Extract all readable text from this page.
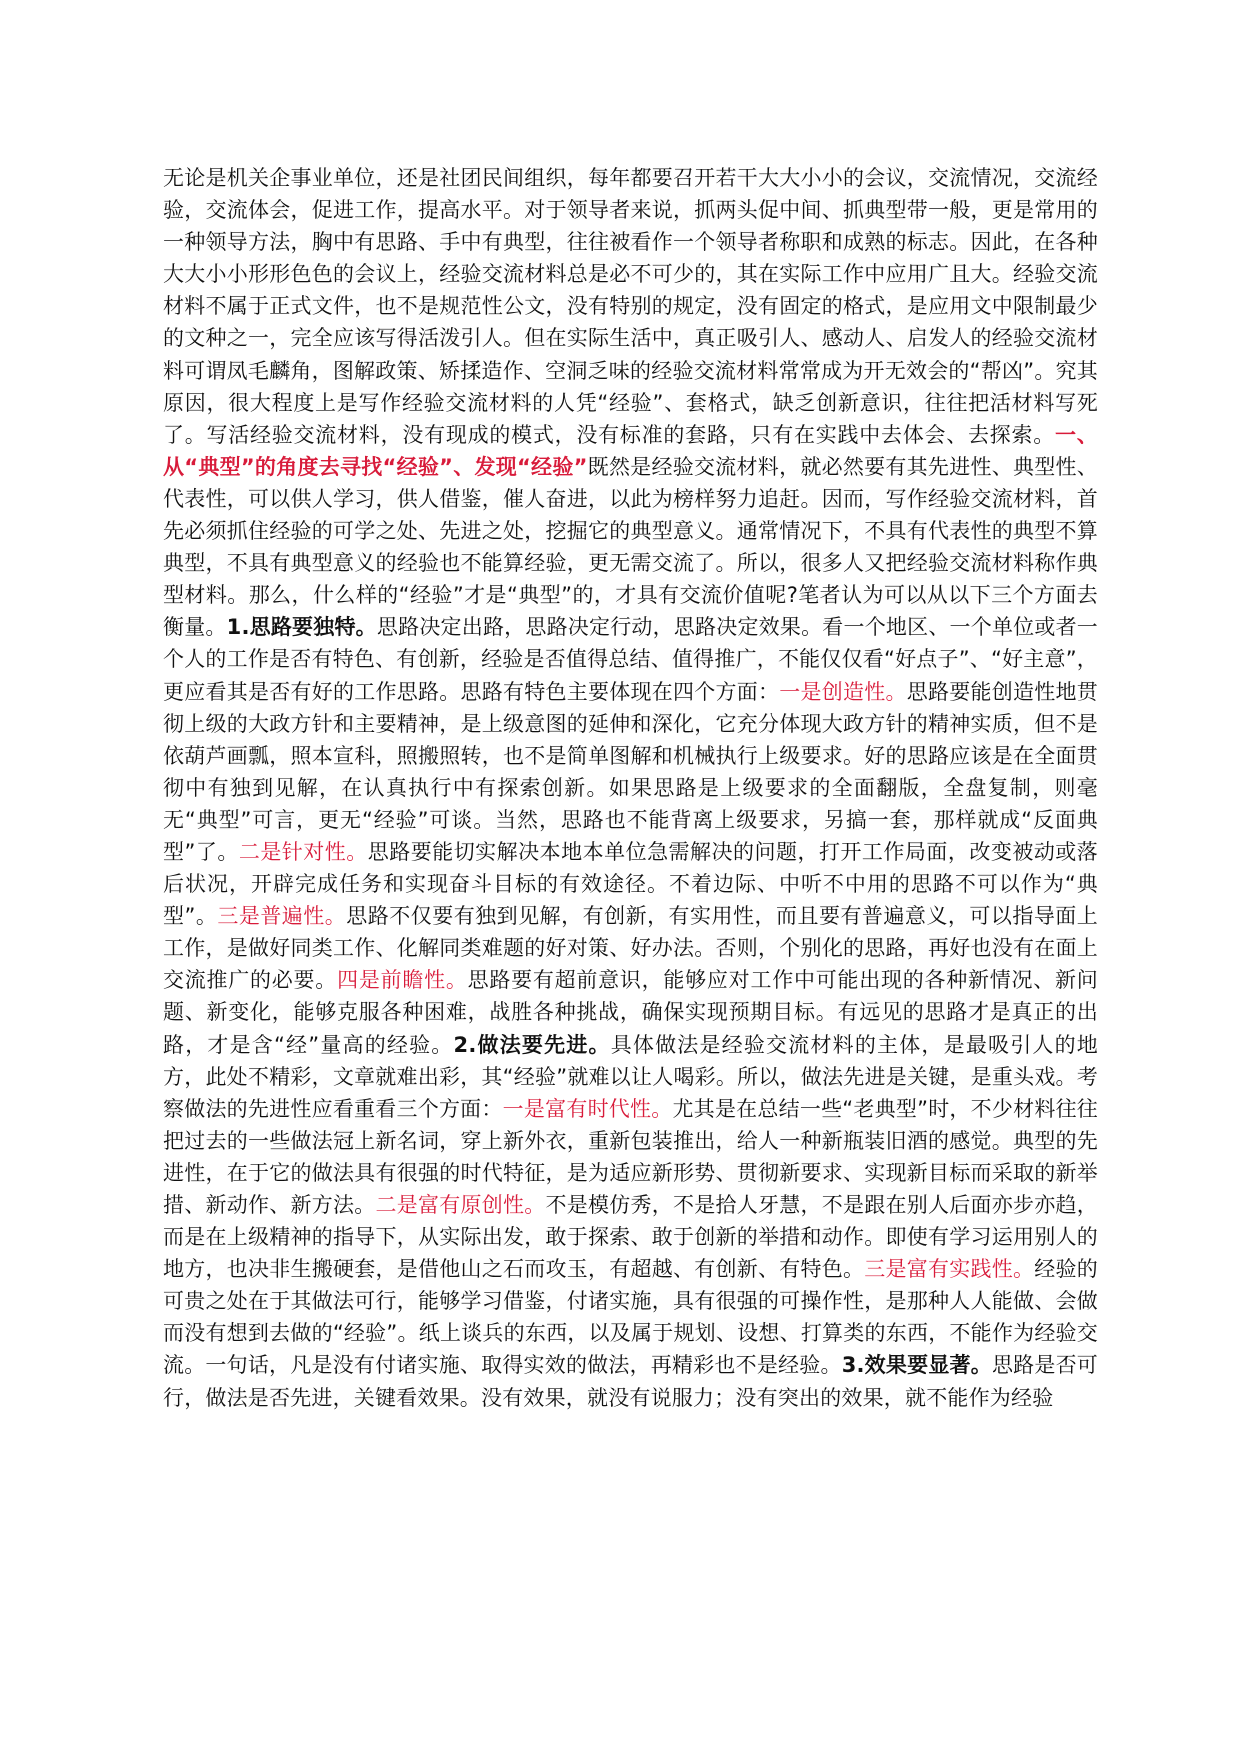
无论是机关企事业单位，还是社团民间组织，每年都要召开若干大大小小的会议，交流情况，交流经验，交流体会，促进工作，提高水平。对于领导者来说，抓两头促中间、抓典型带一般，更是常用的一种领导方法，胸中有思路、手中有典型，往往被看作一个领导者称职和成熟的标志。因此，在各种大大小小形形色色的会议上，经验交流材料总是必不可少的，其在实际工作中应用广且大。经验交流材料不属于正式文件，也不是规范性公文，没有特别的规定，没有固定的格式，是应用文中限制最少的文种之一，完全应该写得活泼引人。但在实际生活中，真正吸引人、感动人、启发人的经验交流材料可谓凤毛麟角，图解政策、矫揉造作、空洞乏味的经验交流材料常常成为开无效会的“帮凶”。究其原因，很大程度上是写作经验交流材料的人凭“经验”、套格式，缺乏创新意识，往往把活材料写死了。写活经验交流材料，没有现成的模式，没有标准的套路，只有在实践中去体会、去探索。一、从“典型”的角度去寻找“经验”、发现“经验”既然是经验交流材料，就必然要有其先进性、典型性、代表性，可以供人学习，供人借鉴，催人奋进，以此为榜样努力追赶。因而，写作经验交流材料，首先必须抓住经验的可学之处、先进之处，挖掘它的典型意义。通常情况下，不具有代表性的典型不算典型，不具有典型意义的经验也不能算经验，更无需交流了。所以，很多人又把经验交流材料称作典型材料。那么，什么样的“经验”才是“典型”的，才具有交流价值呢?笔者认为可以从以下三个方面去衡量。1.思路要独特。思路决定出路，思路决定行动，思路决定效果。看一个地区、一个单位或者一个人的工作是否有特色、有创新，经验是否值得总结、值得推广，不能仅仅看“好点子”、“好主意”，更应看其是否有好的工作思路。思路有特色主要体现在四个方面：一是创造性。思路要能创造性地贯彻上级的大政方针和主要精神，是上级意图的延伸和深化，它充分体现大政方针的精神实质，但不是依葫芦画瓢，照本宣科，照搬照转，也不是简单图解和机械执行上级要求。好的思路应该是在全面贯彻中有独到见解，在认真执行中有探索创新。如果思路是上级要求的全面翻版，全盘复制，则毫无“典型”可言，更无“经验”可谈。当然，思路也不能背离上级要求，另搞一套，那样就成“反面典型”了。二是针对性。思路要能切实解决本地本单位急需解决的问题，打开工作局面，改变被动或落后状况，开辟完成任务和实现奋斗目标的有效途径。不着边际、中听不中用的思路不可以作为“典型”。三是普遍性。思路不仅要有独到见解，有创新，有实用性，而且要有普遍意义，可以指导面上工作，是做好同类工作、化解同类难题的好对策、好办法。否则，个别化的思路，再好也没有在面上交流推广的必要。四是前瞻性。思路要有超前意识，能够应对工作中可能出现的各种新情况、新问题、新变化，能够克服各种困难，战胜各种挑战，确保实现预期目标。有远见的思路才是真正的出路，才是含“经”量高的经验。2.做法要先进。具体做法是经验交流材料的主体，是最吸引人的地方，此处不精彩，文章就难出彩，其“经验”就难以让人喝彩。所以，做法先进是关键，是重头戏。考察做法的先进性应看重看三个方面：一是富有时代性。尤其是在总结一些“老典型”时，不少材料往往把过去的一些做法冠上新名词，穿上新外衣，重新包装推出，给人一种新瓶装旧酒的感觉。典型的先进性，在于它的做法具有很强的时代特征，是为适应新形势、贯彻新要求、实现新目标而采取的新举措、新动作、新方法。二是富有原创性。不是模仿秀，不是拾人牙慧，不是跟在别人后面亦步亦趋，而是在上级精神的指导下，从实际出发，敢于探索、敢于创新的举措和动作。即使有学习运用别人的地方，也决非生搬硬套，是借他山之石而攻玉，有超越、有创新、有特色。三是富有实践性。经验的可贵之处在于其做法可行，能够学习借鉴，付诸实施，具有很强的可操作性，是那种人人能做、会做而没有想到去做的“经验”。纸上谈兵的东西，以及属于规划、设想、打算类的东西，不能作为经验交流。一句话，凡是没有付诸实施、取得实效的做法，再精彩也不是经验。3.效果要显著。思路是否可行，做法是否先进，关键看效果。没有效果，就没有说服力；没有突出的效果，就不能作为经验
